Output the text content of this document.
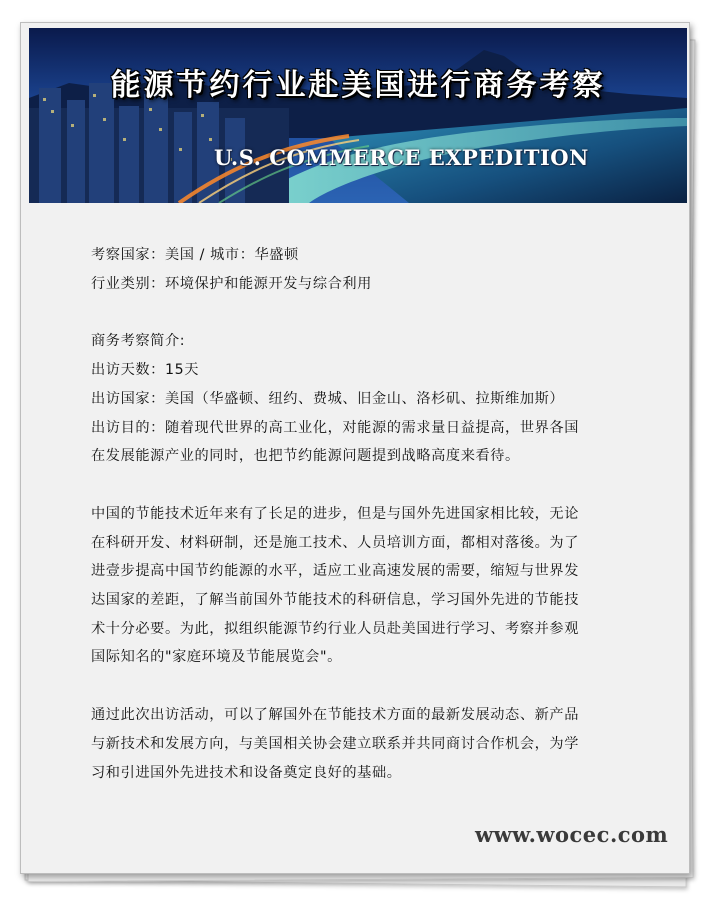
能源节约行业赴美国进行商务考察
U.S. COMMERCE EXPEDITION

考察国家：美国 / 城市：华盛顿

行业类别：环境保护和能源开发与综合利用

商务考察简介:

出访天数：15天

出访国家：美国（华盛顿、纽约、费城、旧金山、洛杉矶、拉斯维加斯）

出访目的：随着现代世界的高工业化，对能源的需求量日益提高，世界各国

在发展能源产业的同时，也把节约能源问题提到战略高度来看待。

中国的节能技术近年来有了长足的进步，但是与国外先进国家相比较，无论

在科研开发、材料研制，还是施工技术、人员培训方面，都相对落後。为了

进壹步提高中国节约能源的水平，适应工业高速发展的需要，缩短与世界发

达国家的差距，了解当前国外节能技术的科研信息，学习国外先进的节能技

术十分必要。为此，拟组织能源节约行业人员赴美国进行学习、考察并参观

国际知名的"家庭环境及节能展览会"。

通过此次出访活动，可以了解国外在节能技术方面的最新发展动态、新产品

与新技术和发展方向，与美国相关协会建立联系并共同商讨合作机会，为学

习和引进国外先进技术和设备奠定良好的基础。

www.wocec.com
